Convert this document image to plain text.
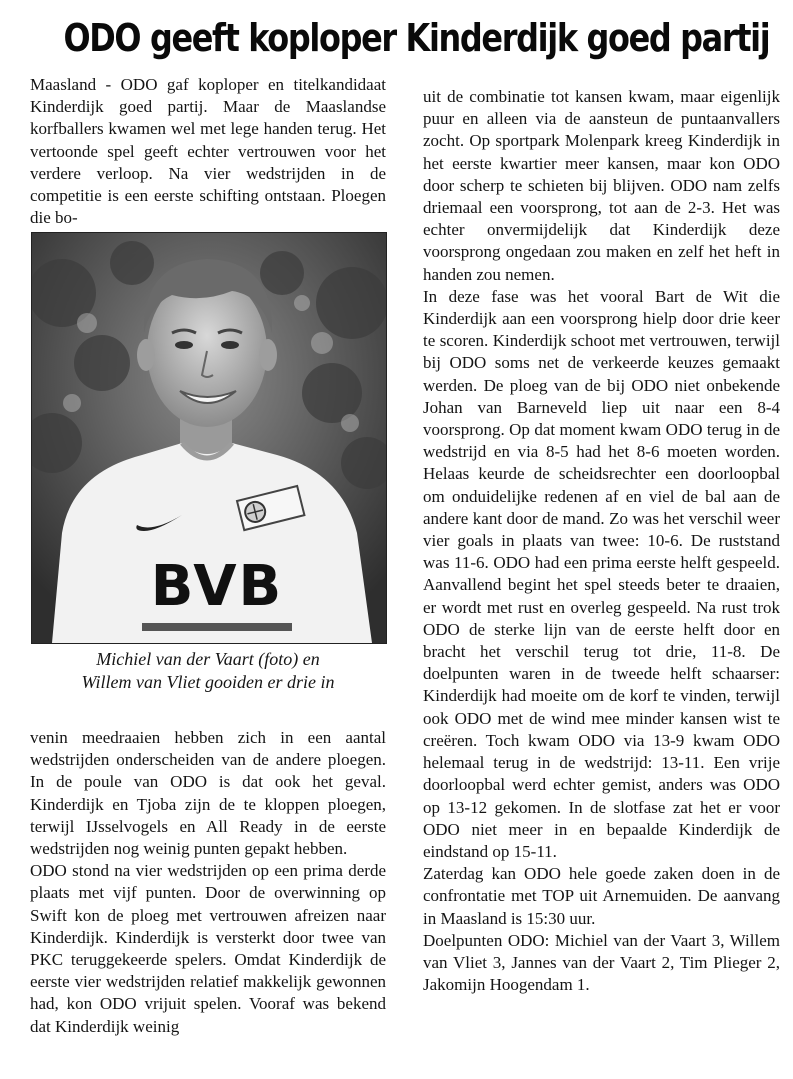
ODO geeft koploper Kinderdijk goed partij

Maasland - ODO gaf koploper en titelkandidaat Kinderdijk goed partij. Maar de Maaslandse korfballers kwamen wel met lege handen terug. Het vertoonde spel geeft echter vertrouwen voor het verdere verloop. Na vier wedstrijden in de competitie is een eerste schifting ontstaan. Ploegen die bo-

BVB
Michiel van der Vaart (foto) en
Willem van Vliet gooiden er drie in

venin meedraaien hebben zich in een aantal wedstrijden onderscheiden van de andere ploegen. In de poule van ODO is dat ook het geval. Kinderdijk en Tjoba zijn de te kloppen ploegen, terwijl IJsselvogels en All Ready in de eerste wedstrijden nog weinig punten gepakt hebben.

ODO stond na vier wedstrijden op een prima derde plaats met vijf punten. Door de overwinning op Swift kon de ploeg met vertrouwen afreizen naar Kinderdijk. Kinderdijk is versterkt door twee van PKC teruggekeerde spelers. Omdat Kinderdijk de eerste vier wedstrijden relatief makkelijk gewonnen had, kon ODO vrijuit spelen. Vooraf was bekend dat Kinderdijk weinig

uit de combinatie tot kansen kwam, maar eigenlijk puur en alleen via de aansteun de puntaanvallers zocht. Op sportpark Molenpark kreeg Kinderdijk in het eerste kwartier meer kansen, maar kon ODO door scherp te schieten bij blijven. ODO nam zelfs driemaal een voorsprong, tot aan de 2-3. Het was echter onvermijdelijk dat Kinderdijk deze voorsprong ongedaan zou maken en zelf het heft in handen zou nemen.

In deze fase was het vooral Bart de Wit die Kinderdijk aan een voorsprong hielp door drie keer te scoren. Kinderdijk schoot met vertrouwen, terwijl bij ODO soms net de verkeerde keuzes gemaakt werden. De ploeg van de bij ODO niet onbekende Johan van Barneveld liep uit naar een 8-4 voorsprong. Op dat moment kwam ODO terug in de wedstrijd en via 8-5 had het 8-6 moeten worden. Helaas keurde de scheidsrechter een doorloopbal om onduidelijke redenen af en viel de bal aan de andere kant door de mand. Zo was het verschil weer vier goals in plaats van twee: 10-6. De ruststand was 11-6. ODO had een prima eerste helft gespeeld. Aanvallend begint het spel steeds beter te draaien, er wordt met rust en overleg gespeeld. Na rust trok ODO de sterke lijn van de eerste helft door en bracht het verschil terug tot drie, 11-8. De doelpunten waren in de tweede helft schaarser: Kinderdijk had moeite om de korf te vinden, terwijl ook ODO met de wind mee minder kansen wist te creëren. Toch kwam ODO via 13-9 kwam ODO helemaal terug in de wedstrijd: 13-11. Een vrije doorloopbal werd echter gemist, anders was ODO op 13-12 gekomen. In de slotfase zat het er voor ODO niet meer in en bepaalde Kinderdijk de eindstand op 15-11.

Zaterdag kan ODO hele goede zaken doen in de confrontatie met TOP uit Arnemuiden. De aanvang in Maasland is 15:30 uur.

Doelpunten ODO: Michiel van der Vaart 3, Willem van Vliet 3, Jannes van der Vaart 2, Tim Plieger 2, Jakomijn Hoogendam 1.
